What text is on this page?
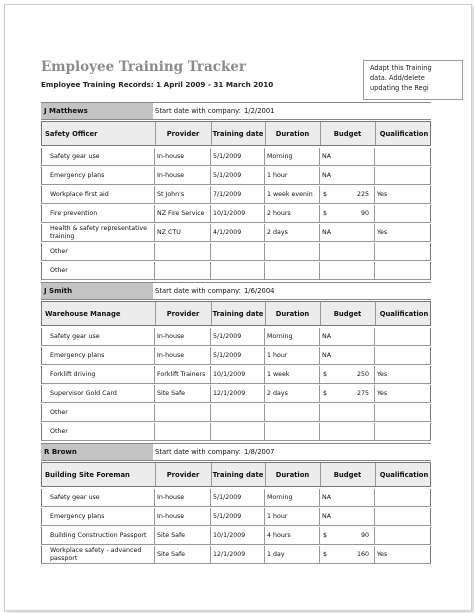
Employee Training Tracker
Employee Training Records: 1 April 2009 - 31 March 2010
Adapt this Training
data. Add/delete
updating the Regi
J Matthews	Start date with company: 1/2/2001
Safety Officer	Provider	Training date	Duration	Budget	Qualification
Safety gear use	In-house	5/1/2009	Morning	NA
Emergency plans	In-house	5/1/2009	1 hour	NA
Workplace first aid	St John's	7/1/2009	1 week evenin	$	225	Yes
Fire prevention	NZ Fire Service	10/1/2009	2 hours	$	90
Health & safety representative training	NZ CTU	4/1/2009	2 days	NA	Yes
Other
Other
J Smith	Start date with company: 1/6/2004
Warehouse Manage	Provider	Training date	Duration	Budget	Qualification
Safety gear use	In-house	5/1/2009	Morning	NA
Emergency plans	In-house	5/1/2009	1 hour	NA
Forklift driving	Forklift Trainers	10/1/2009	1 week	$	250	Yes
Supervisor Gold Card	Site Safe	12/1/2009	2 days	$	275	Yes
Other
Other
R Brown	Start date with company: 1/8/2007
Building Site Foreman	Provider	Training date	Duration	Budget	Qualification
Safety gear use	In-house	5/1/2009	Morning	NA
Emergency plans	In-house	5/1/2009	1 hour	NA
Building Construction Passport	Site Safe	10/1/2009	4 hours	$	90
Workplace safety - advanced passport	Site Safe	12/1/2009	1 day	$	160	Yes
